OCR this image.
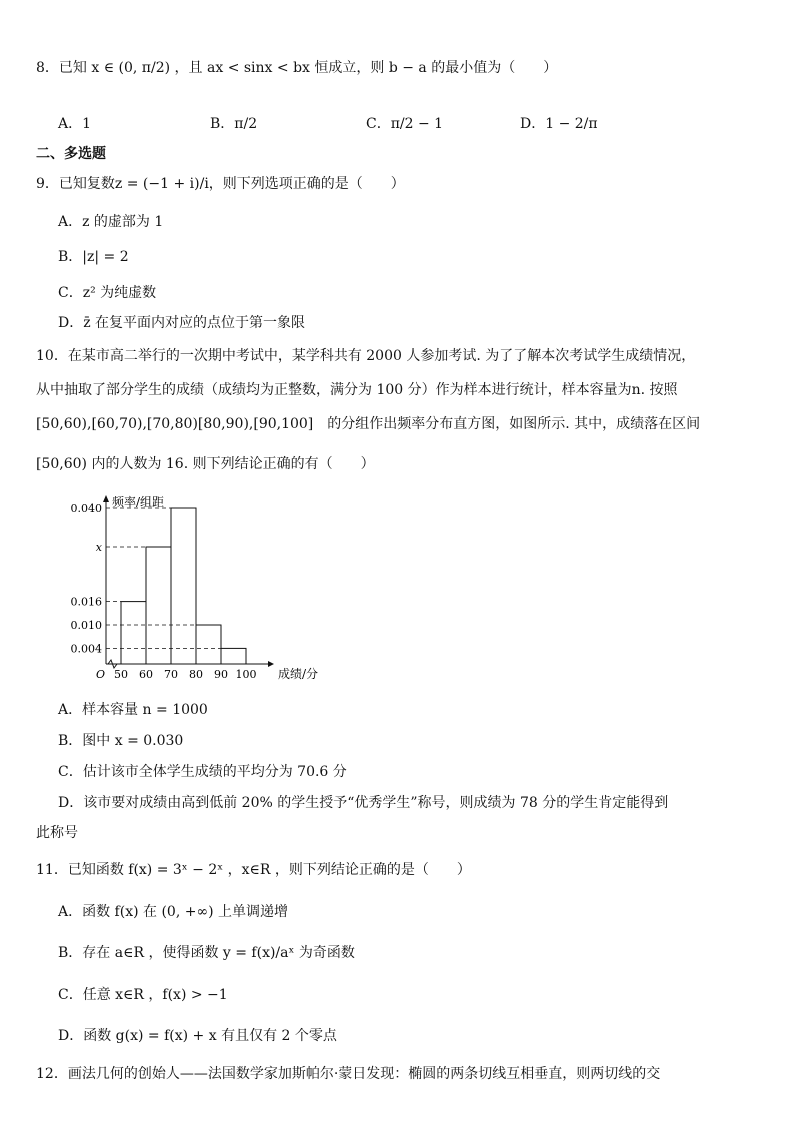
8．已知 x ∈ (0, π/2) ，且 ax < sinx < bx 恒成立，则 b − a 的最小值为（　　）
A．1	B．π/2	C．π/2 − 1	D．1 − 2/π
二、多选题
9．已知复数z = (−1 + i)/i，则下列选项正确的是（　　）
A．z 的虚部为 1
B．|z| = 2
C．z² 为纯虚数
D．z̄ 在复平面内对应的点位于第一象限
10．在某市高二举行的一次期中考试中，某学科共有 2000 人参加考试. 为了了解本次考试学生成绩情况，
从中抽取了部分学生的成绩（成绩均为正整数，满分为 100 分）作为样本进行统计，样本容量为n. 按照
[50,60),[60,70),[70,80)[80,90),[90,100]　的分组作出频率分布直方图，如图所示. 其中，成绩落在区间
[50,60) 内的人数为 16. 则下列结论正确的有（　　）
0.040
x
0.016
0.010
0.004
50 60 70 80 90 100
O
频率/组距
成绩/分
A．样本容量 n = 1000
B．图中 x = 0.030
C．估计该市全体学生成绩的平均分为 70.6 分
D．该市要对成绩由高到低前 20% 的学生授予“优秀学生”称号，则成绩为 78 分的学生肯定能得到
此称号
11．已知函数 f(x) = 3ˣ − 2ˣ ，x∈R ，则下列结论正确的是（　　）
A．函数 f(x) 在 (0, +∞) 上单调递增
B．存在 a∈R ，使得函数 y = f(x)/aˣ 为奇函数
C．任意 x∈R ，f(x) > −1
D．函数 g(x) = f(x) + x 有且仅有 2 个零点
12．画法几何的创始人——法国数学家加斯帕尔·蒙日发现：椭圆的两条切线互相垂直，则两切线的交
